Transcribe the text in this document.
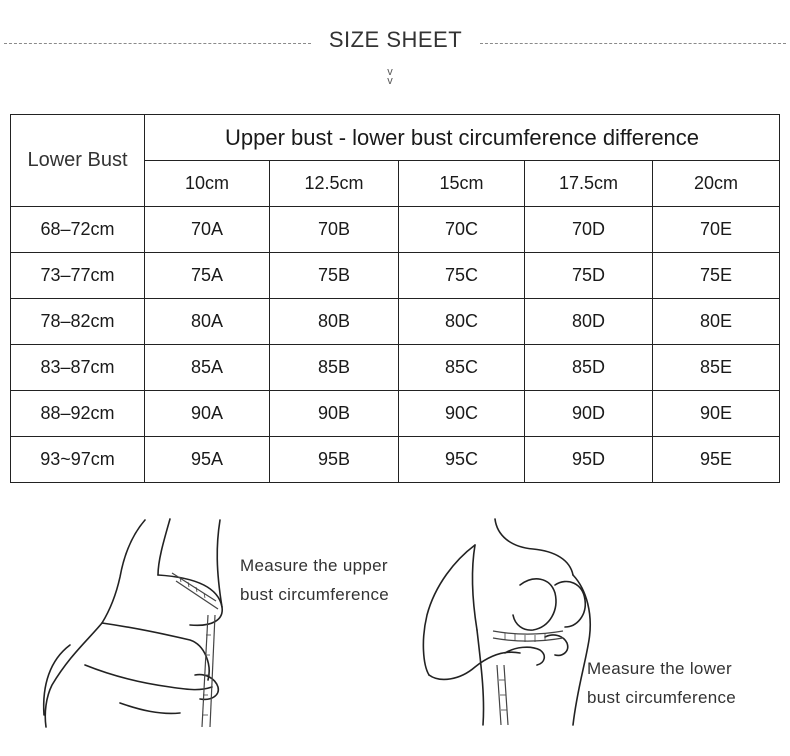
SIZE SHEET
v
v
Lower Bust	Upper bust - lower bust circumference difference				
	10cm	12.5cm	15cm	17.5cm	20cm
68–72cm	70A	70B	70C	70D	70E
73–77cm	75A	75B	75C	75D	75E
78–82cm	80A	80B	80C	80D	80E
83–87cm	85A	85B	85C	85D	85E
88–92cm	90A	90B	90C	90D	90E
93~97cm	95A	95B	95C	95D	95E
Measure the upper
bust circumference
Measure the lower
bust circumference
